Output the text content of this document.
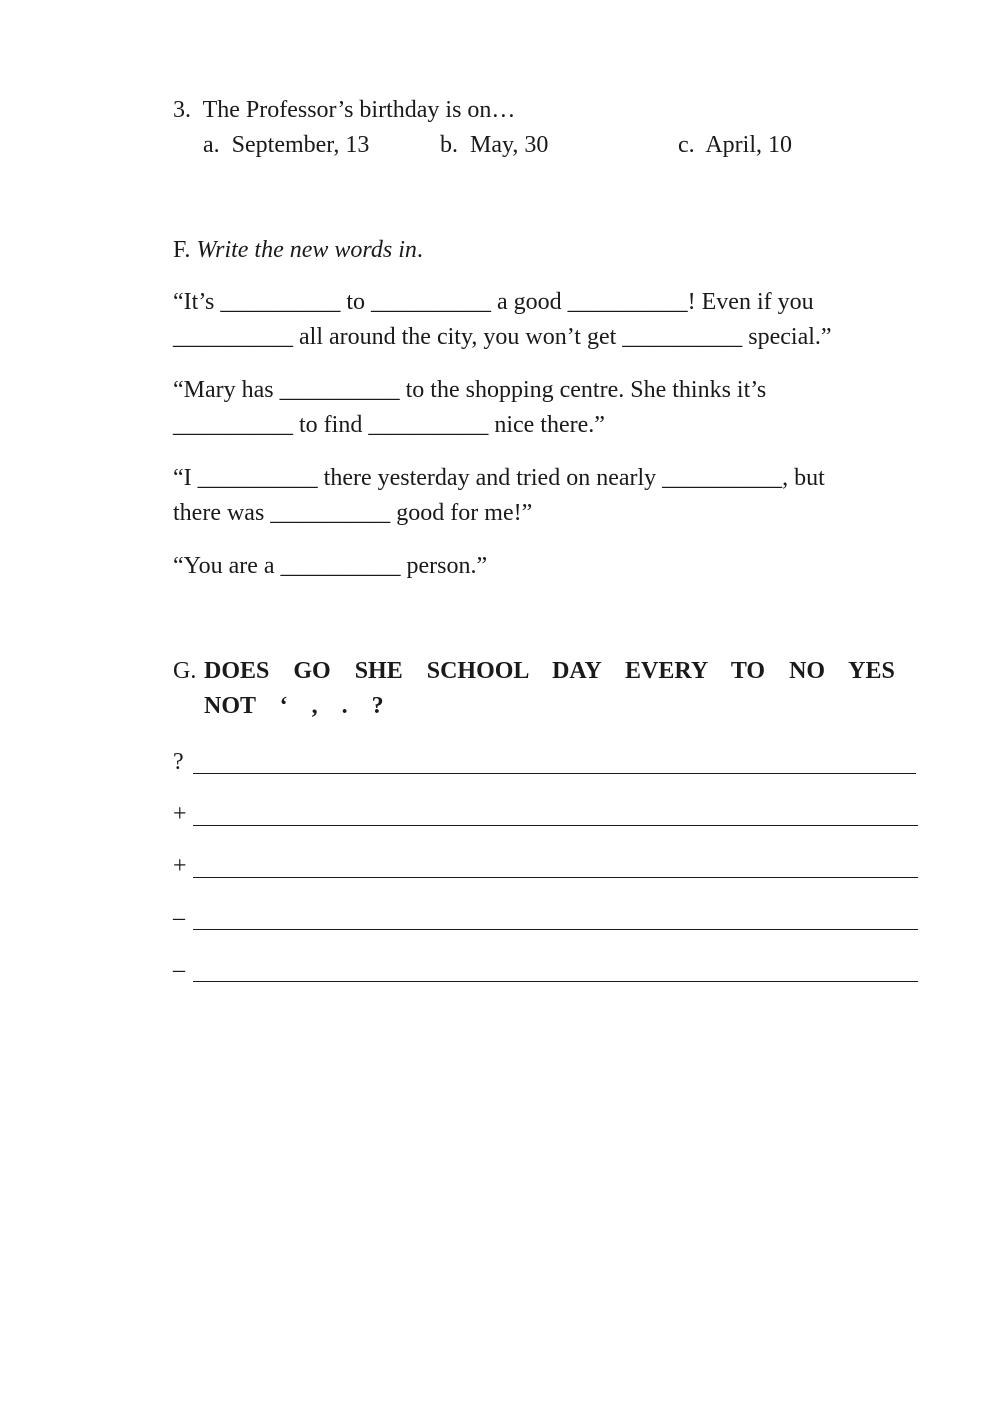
3.  The Professor’s birthday is on…
a.  September, 13	b.  May, 30	c.  April, 10
F. Write the new words in.
“It’s __________ to __________ a good __________! Even if you
__________ all around the city, you won’t get __________ special.”
“Mary has __________ to the shopping centre. She thinks it’s
__________ to find __________ nice there.”
“I __________ there yesterday and tried on nearly __________, but
there was __________ good for me!”
“You are a __________ person.”
G. DOES  GO  SHE  SCHOOL  DAY  EVERY  TO  NO  YES
NOT  ‘  ,  .  ?
?
+
+
–
–
